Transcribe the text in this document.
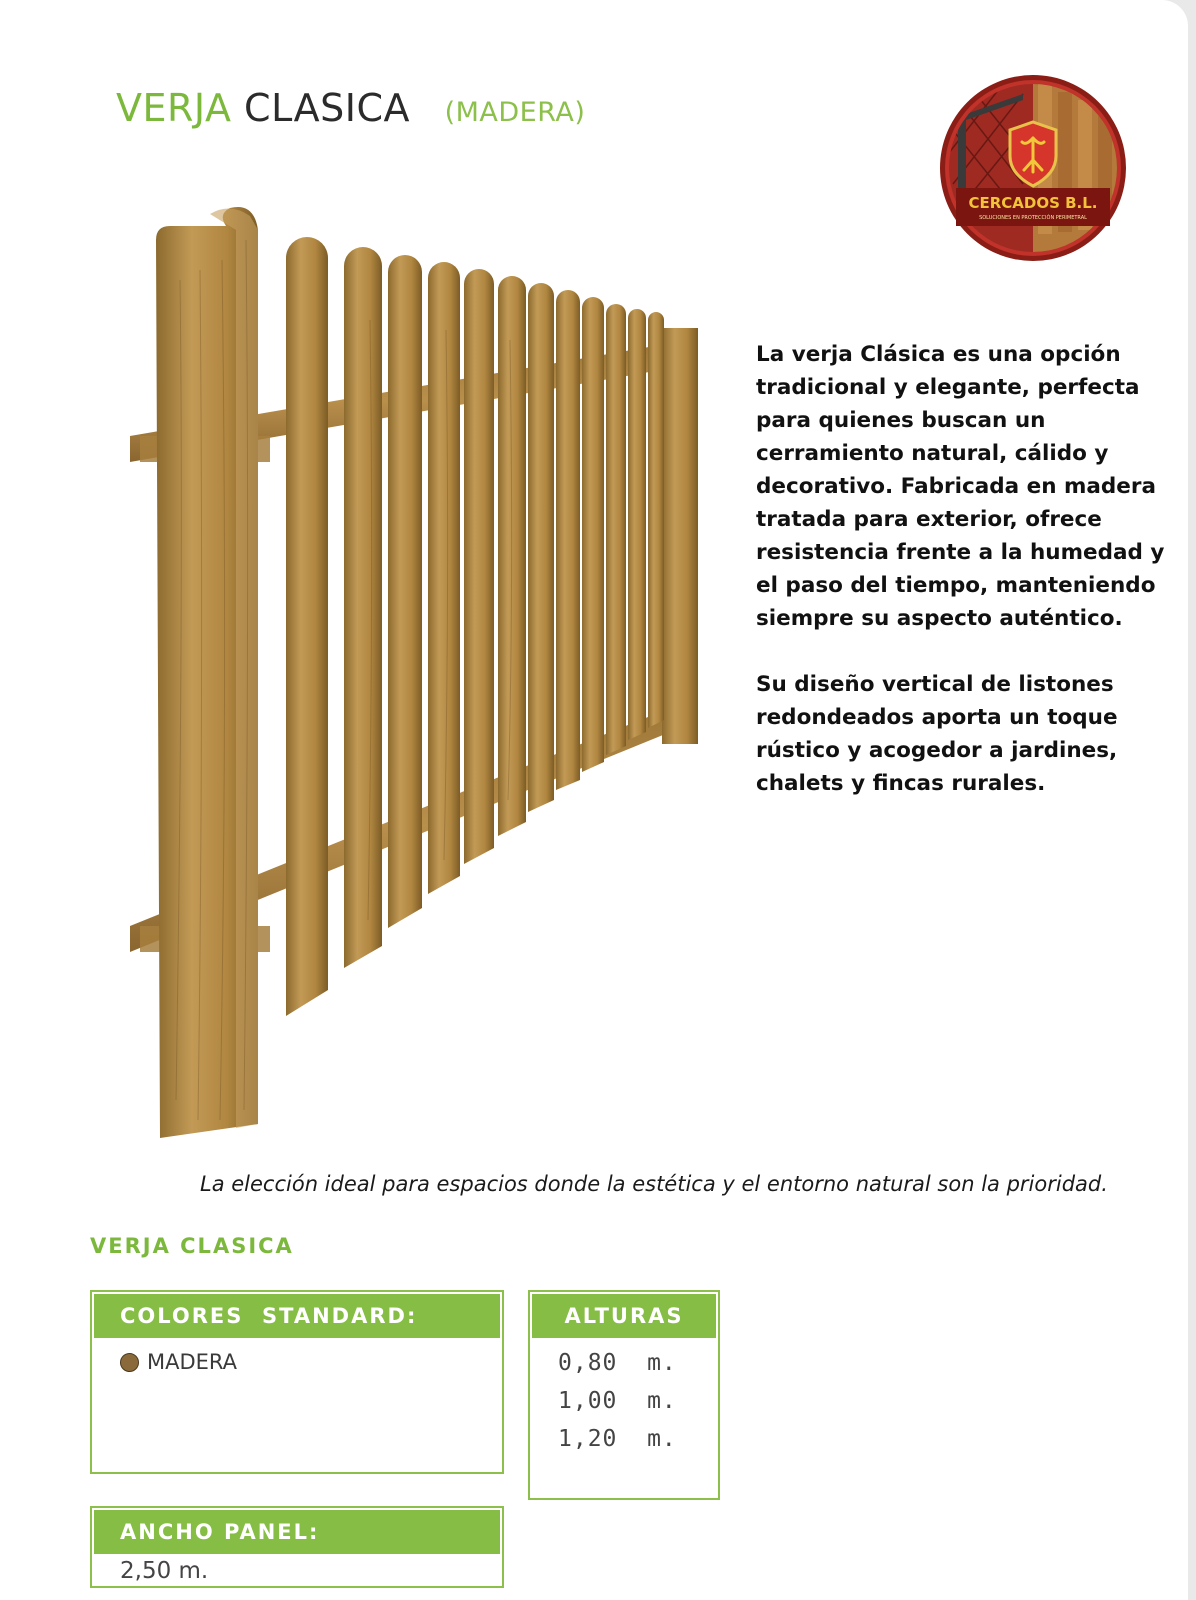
VERJA CLASICA (MADERA)
CERCADOS B.L.
SOLUCIONES EN PROTECCIÓN PERIMETRAL

La verja Clásica es una opción tradicional y elegante, perfecta para quienes buscan un cerramiento natural, cálido y decorativo. Fabricada en madera tratada para exterior, ofrece resistencia frente a la humedad y el paso del tiempo, manteniendo siempre su aspecto auténtico.

Su diseño vertical de listones redondeados aporta un toque rústico y acogedor a jardines, chalets y fincas rurales.

La elección ideal para espacios donde la estética y el entorno natural son la prioridad.
VERJA CLASICA
COLORES  STANDARD:
MADERA
ALTURAS
0,80  m.
1,00  m.
1,20  m.
ANCHO PANEL:
2,50 m.
